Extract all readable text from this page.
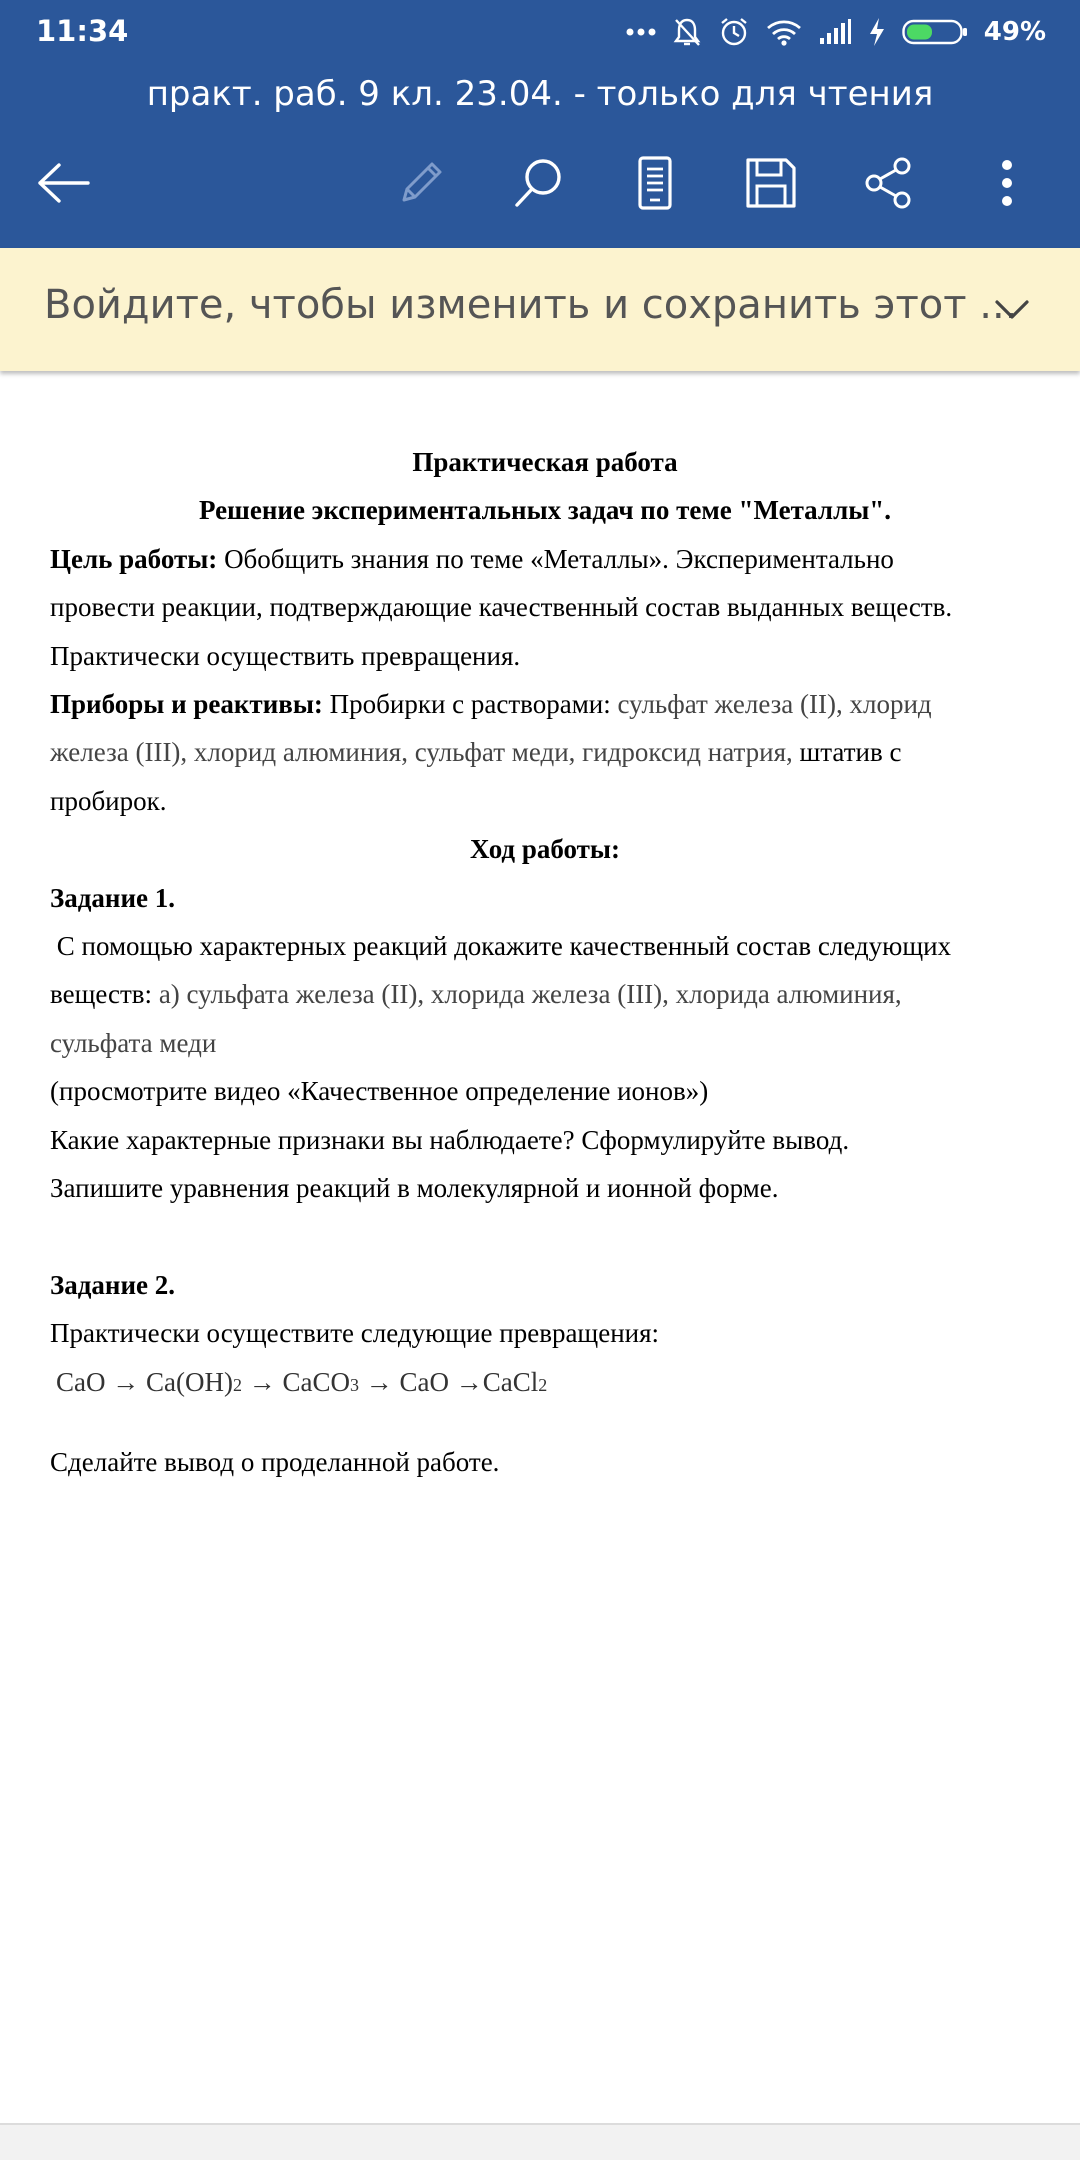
11:34	49%
практ. раб. 9 кл. 23.04. - только для чтения
Войдите, чтобы изменить и сохранить этот ...

Практическая работа

Решение экспериментальных задач по теме "Металлы".

Цель работы: Обобщить знания по теме «Металлы». Экспериментально

провести реакции, подтверждающие качественный состав выданных веществ.

Практически осуществить превращения.

Приборы и реактивы: Пробирки с растворами: сульфат железа (II), хлорид

железа (III), хлорид алюминия, сульфат меди, гидроксид натрия, штатив с

пробирок.

Ход работы:

Задание 1.

С помощью характерных реакций докажите качественный состав следующих

веществ: а) сульфата железа (II), хлорида железа (III), хлорида алюминия,

сульфата меди

(просмотрите видео «Качественное определение ионов»)

Какие характерные признаки вы наблюдаете? Сформулируйте вывод.

Запишите уравнения реакций в молекулярной и ионной форме.

Задание 2.

Практически осуществите следующие превращения:

CaO → Ca(OH) 2 → CaCO 3 → CaO →CaCl 2

Сделайте вывод о проделанной работе.
